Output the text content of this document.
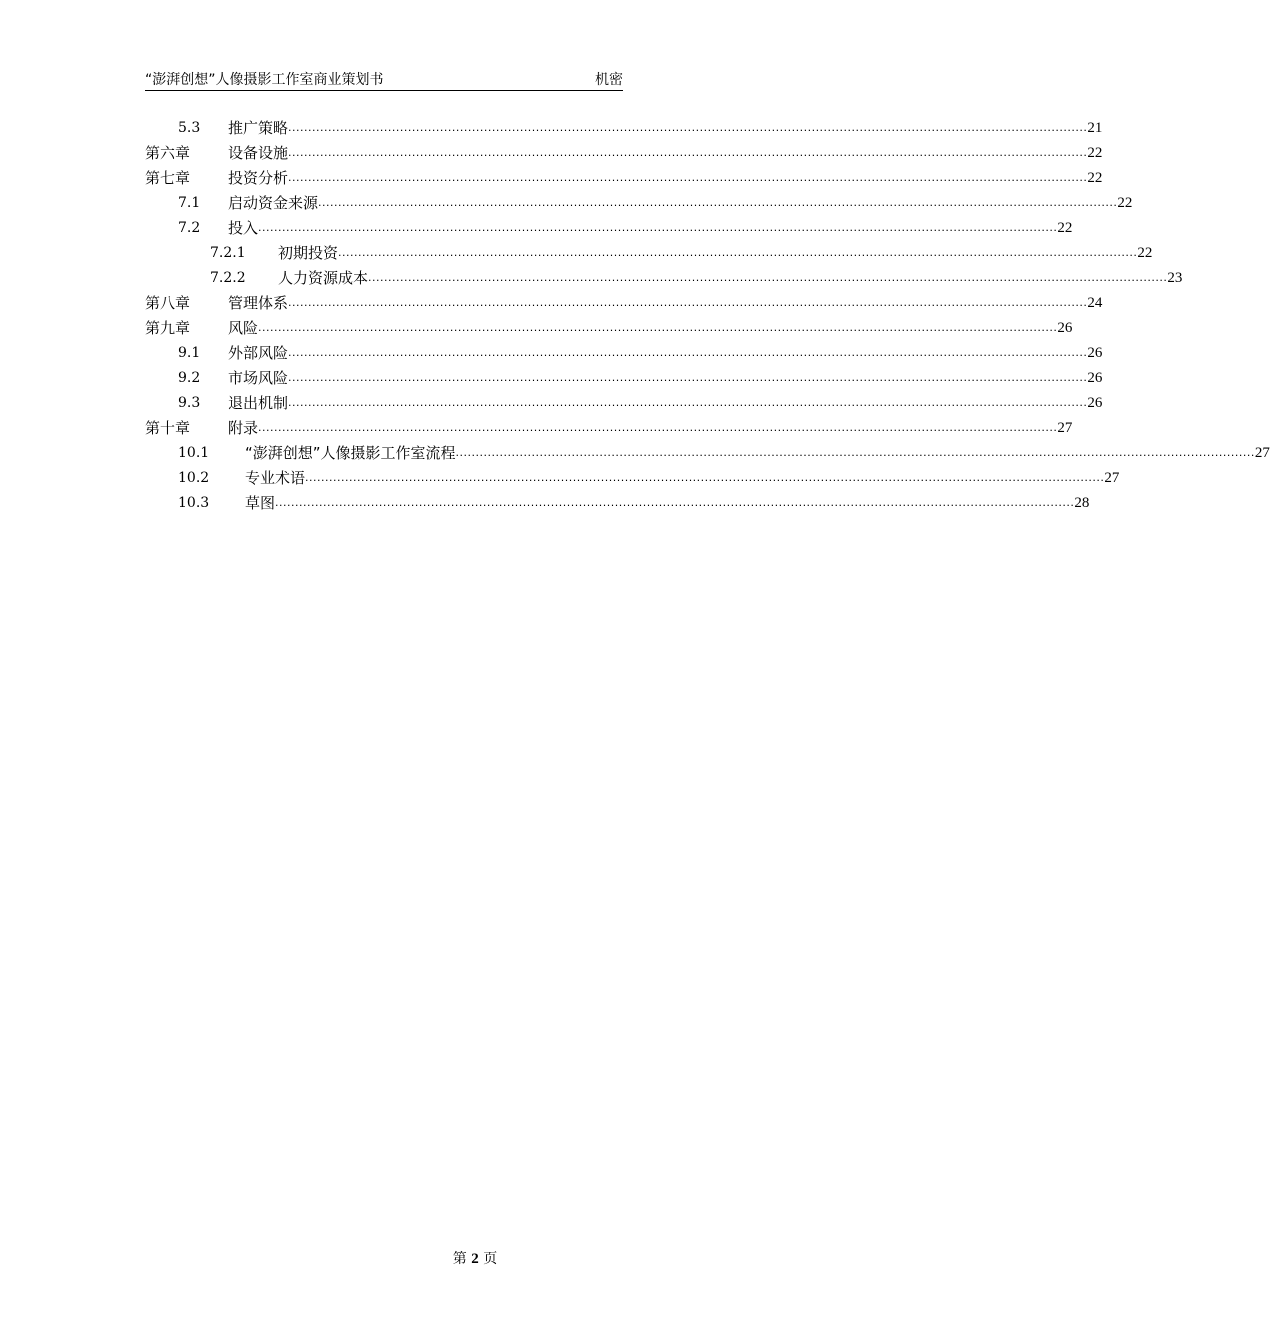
“澎湃创想”人像摄影工作室商业策划书	机密
5.3 推广策略 ........................................................................................................................................................................................................ 21
第六章	设备设施 ........................................................................................................................................................................................................ 22
第七章	投资分析 ........................................................................................................................................................................................................ 22
7.1 启动资金来源 ........................................................................................................................................................................................................ 22
7.2 投入 ........................................................................................................................................................................................................ 22
7.2.1 初期投资 ........................................................................................................................................................................................................ 22
7.2.2 人力资源成本 ........................................................................................................................................................................................................ 23
第八章	管理体系 ........................................................................................................................................................................................................ 24
第九章	风险 ........................................................................................................................................................................................................ 26
9.1 外部风险 ........................................................................................................................................................................................................ 26
9.2 市场风险 ........................................................................................................................................................................................................ 26
9.3 退出机制 ........................................................................................................................................................................................................ 26
第十章	附录 ........................................................................................................................................................................................................ 27
10.1 “澎湃创想”人像摄影工作室流程 ........................................................................................................................................................................................................ 27
10.2 专业术语 ........................................................................................................................................................................................................ 27
10.3 草图 ........................................................................................................................................................................................................ 28
第 2 页
